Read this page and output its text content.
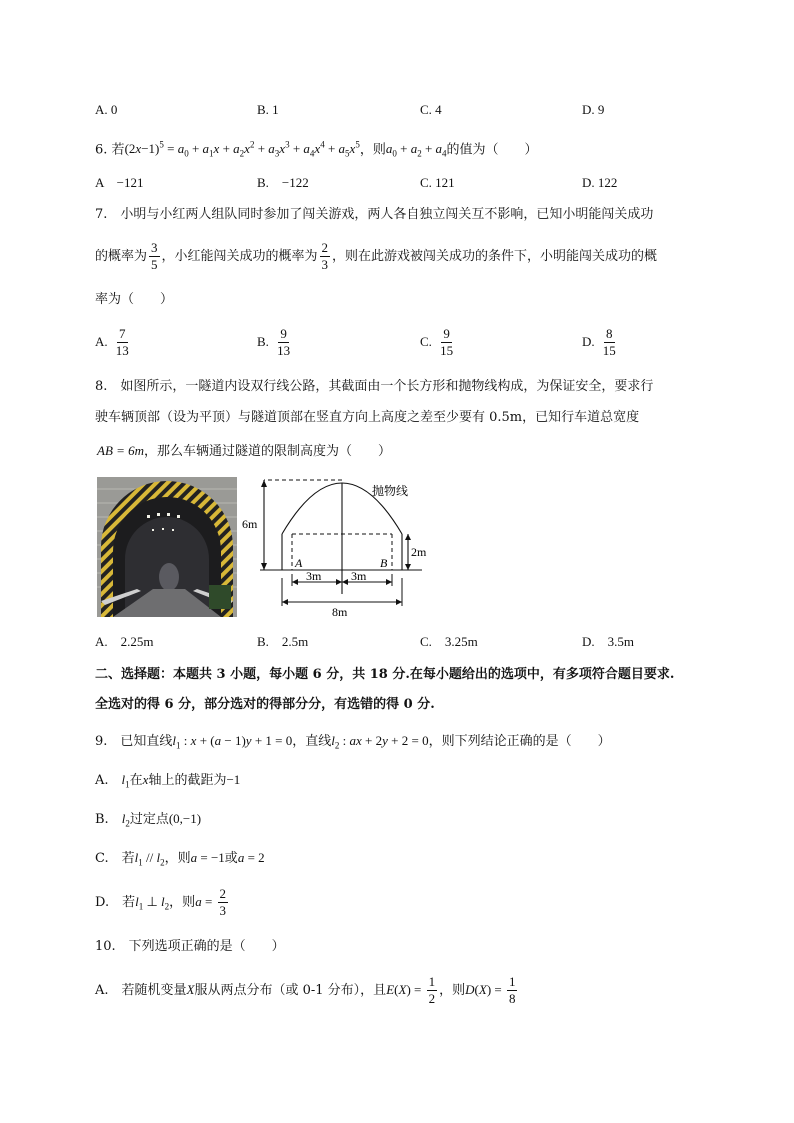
A. 0	B. 1	C. 4	D. 9
6. 若$(2x-1)^5 = a_0 + a_1x + a_2x^2 + a_3x^3 + a_4x^4 + a_5x^5$，则$a_0 + a_2 + a_4$的值为（　　）
A　−121	B.　−122	C. 121	D. 122
7.　小明与小红两人组队同时参加了闯关游戏，两人各自独立闯关互不影响，已知小明能闯关成功
的概率为 $\frac{3}{5}$ ，小红能闯关成功的概率为 $\frac{2}{3}$ ，则在此游戏被闯关成功的条件下，小明能闯关成功的概
率为（　　）
A. $\frac{7}{13}$	B. $\frac{9}{13}$	C. $\frac{9}{15}$	D. $\frac{8}{15}$
8.　如图所示，一隧道内设双行线公路，其截面由一个长方形和抛物线构成，为保证安全，要求行
驶车辆顶部（设为平顶）与隧道顶部在竖直方向上高度之差至少要有 0.5m，已知行车道总宽度
AB = 6m，那么车辆通过隧道的限制高度为（　　）
抛物线
6m
2m
A	B
3m 3m
8m
A.　2.25m	B.　2.5m	C.　3.25m	D.　3.5m
二、选择题：本题共 3 小题，每小题 6 分，共 18 分.在每小题给出的选项中，有多项符合题目要求.
全选对的得 6 分，部分选对的得部分分，有选错的得 0 分.
9.　已知直线$l_1$ : x + (a − 1)y + 1 = 0，直线$l_2$ : ax + 2y + 2 = 0，则下列结论正确的是（　　）
A.　$l_1$在x轴上的截距为−1
B.　$l_2$过定点(0,−1)
C.　若$l_1 // l_2$，则a = −1或a = 2
D.　若$l_1$ ⊥ $l_2$，则$a = \frac{2}{3}$
10.　下列选项正确的是（　　）
A.　若随机变量X服从两点分布（或 0-1 分布），且$E(X) = \frac{1}{2}$ ，则$D(X) = \frac{1}{8}$
